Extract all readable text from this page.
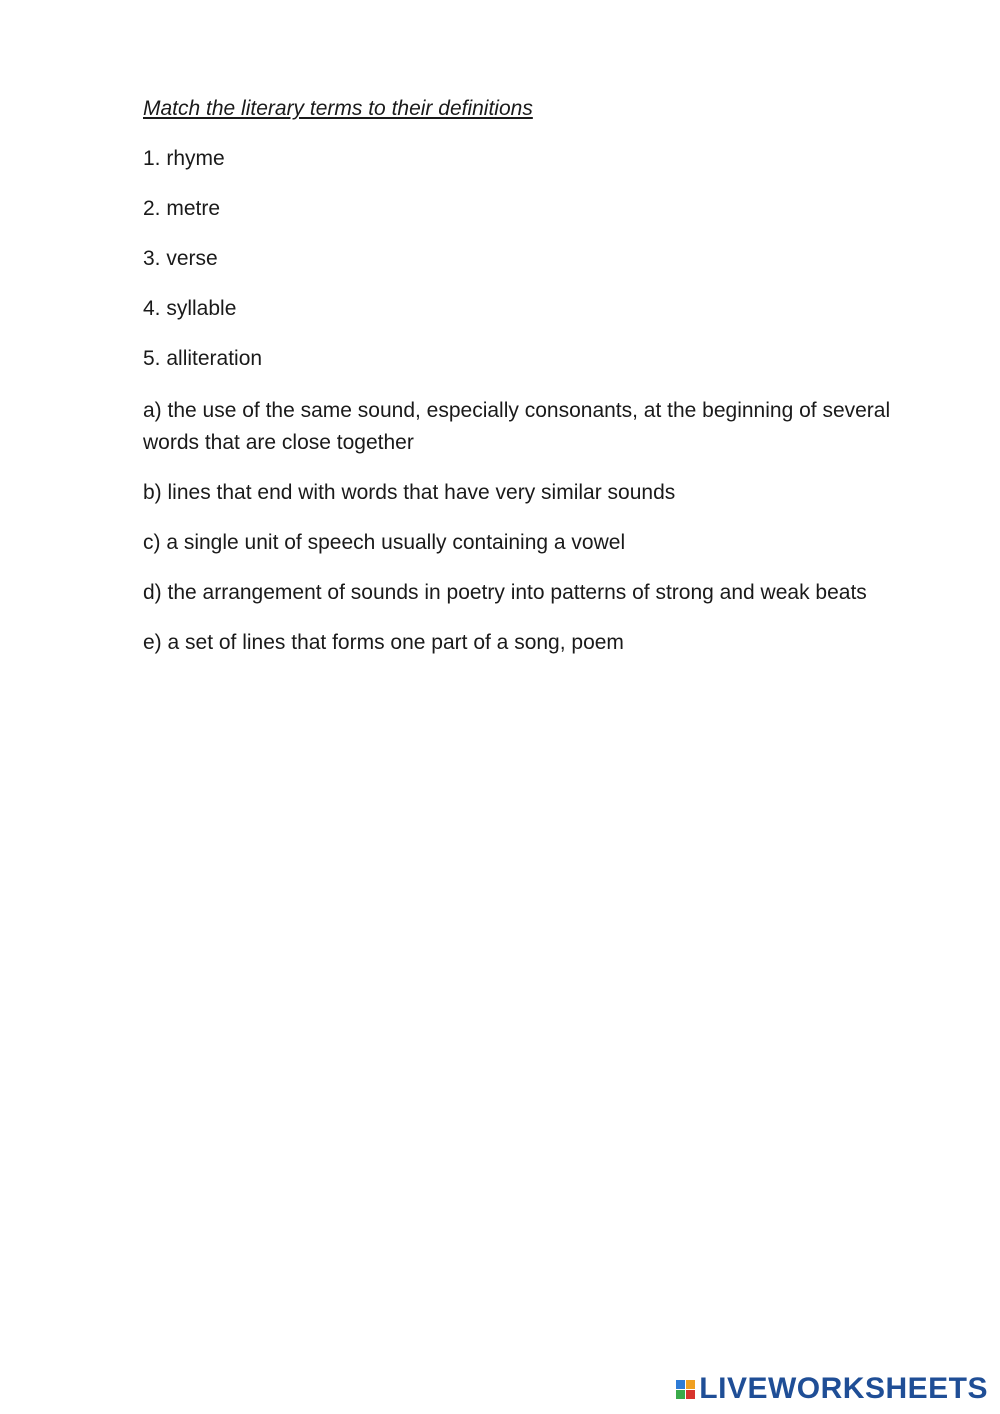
Match the literary terms to their definitions
1. rhyme
2. metre
3. verse
4. syllable
5. alliteration
a) the use of the same sound, especially consonants, at the beginning of several words that are close together
b) lines that end with words that have very similar sounds
c) a single unit of speech usually containing a vowel
d) the arrangement of sounds in poetry into patterns of strong and weak beats
e) a set of lines that forms one part of a song, poem
LIVEWORKSHEETS
